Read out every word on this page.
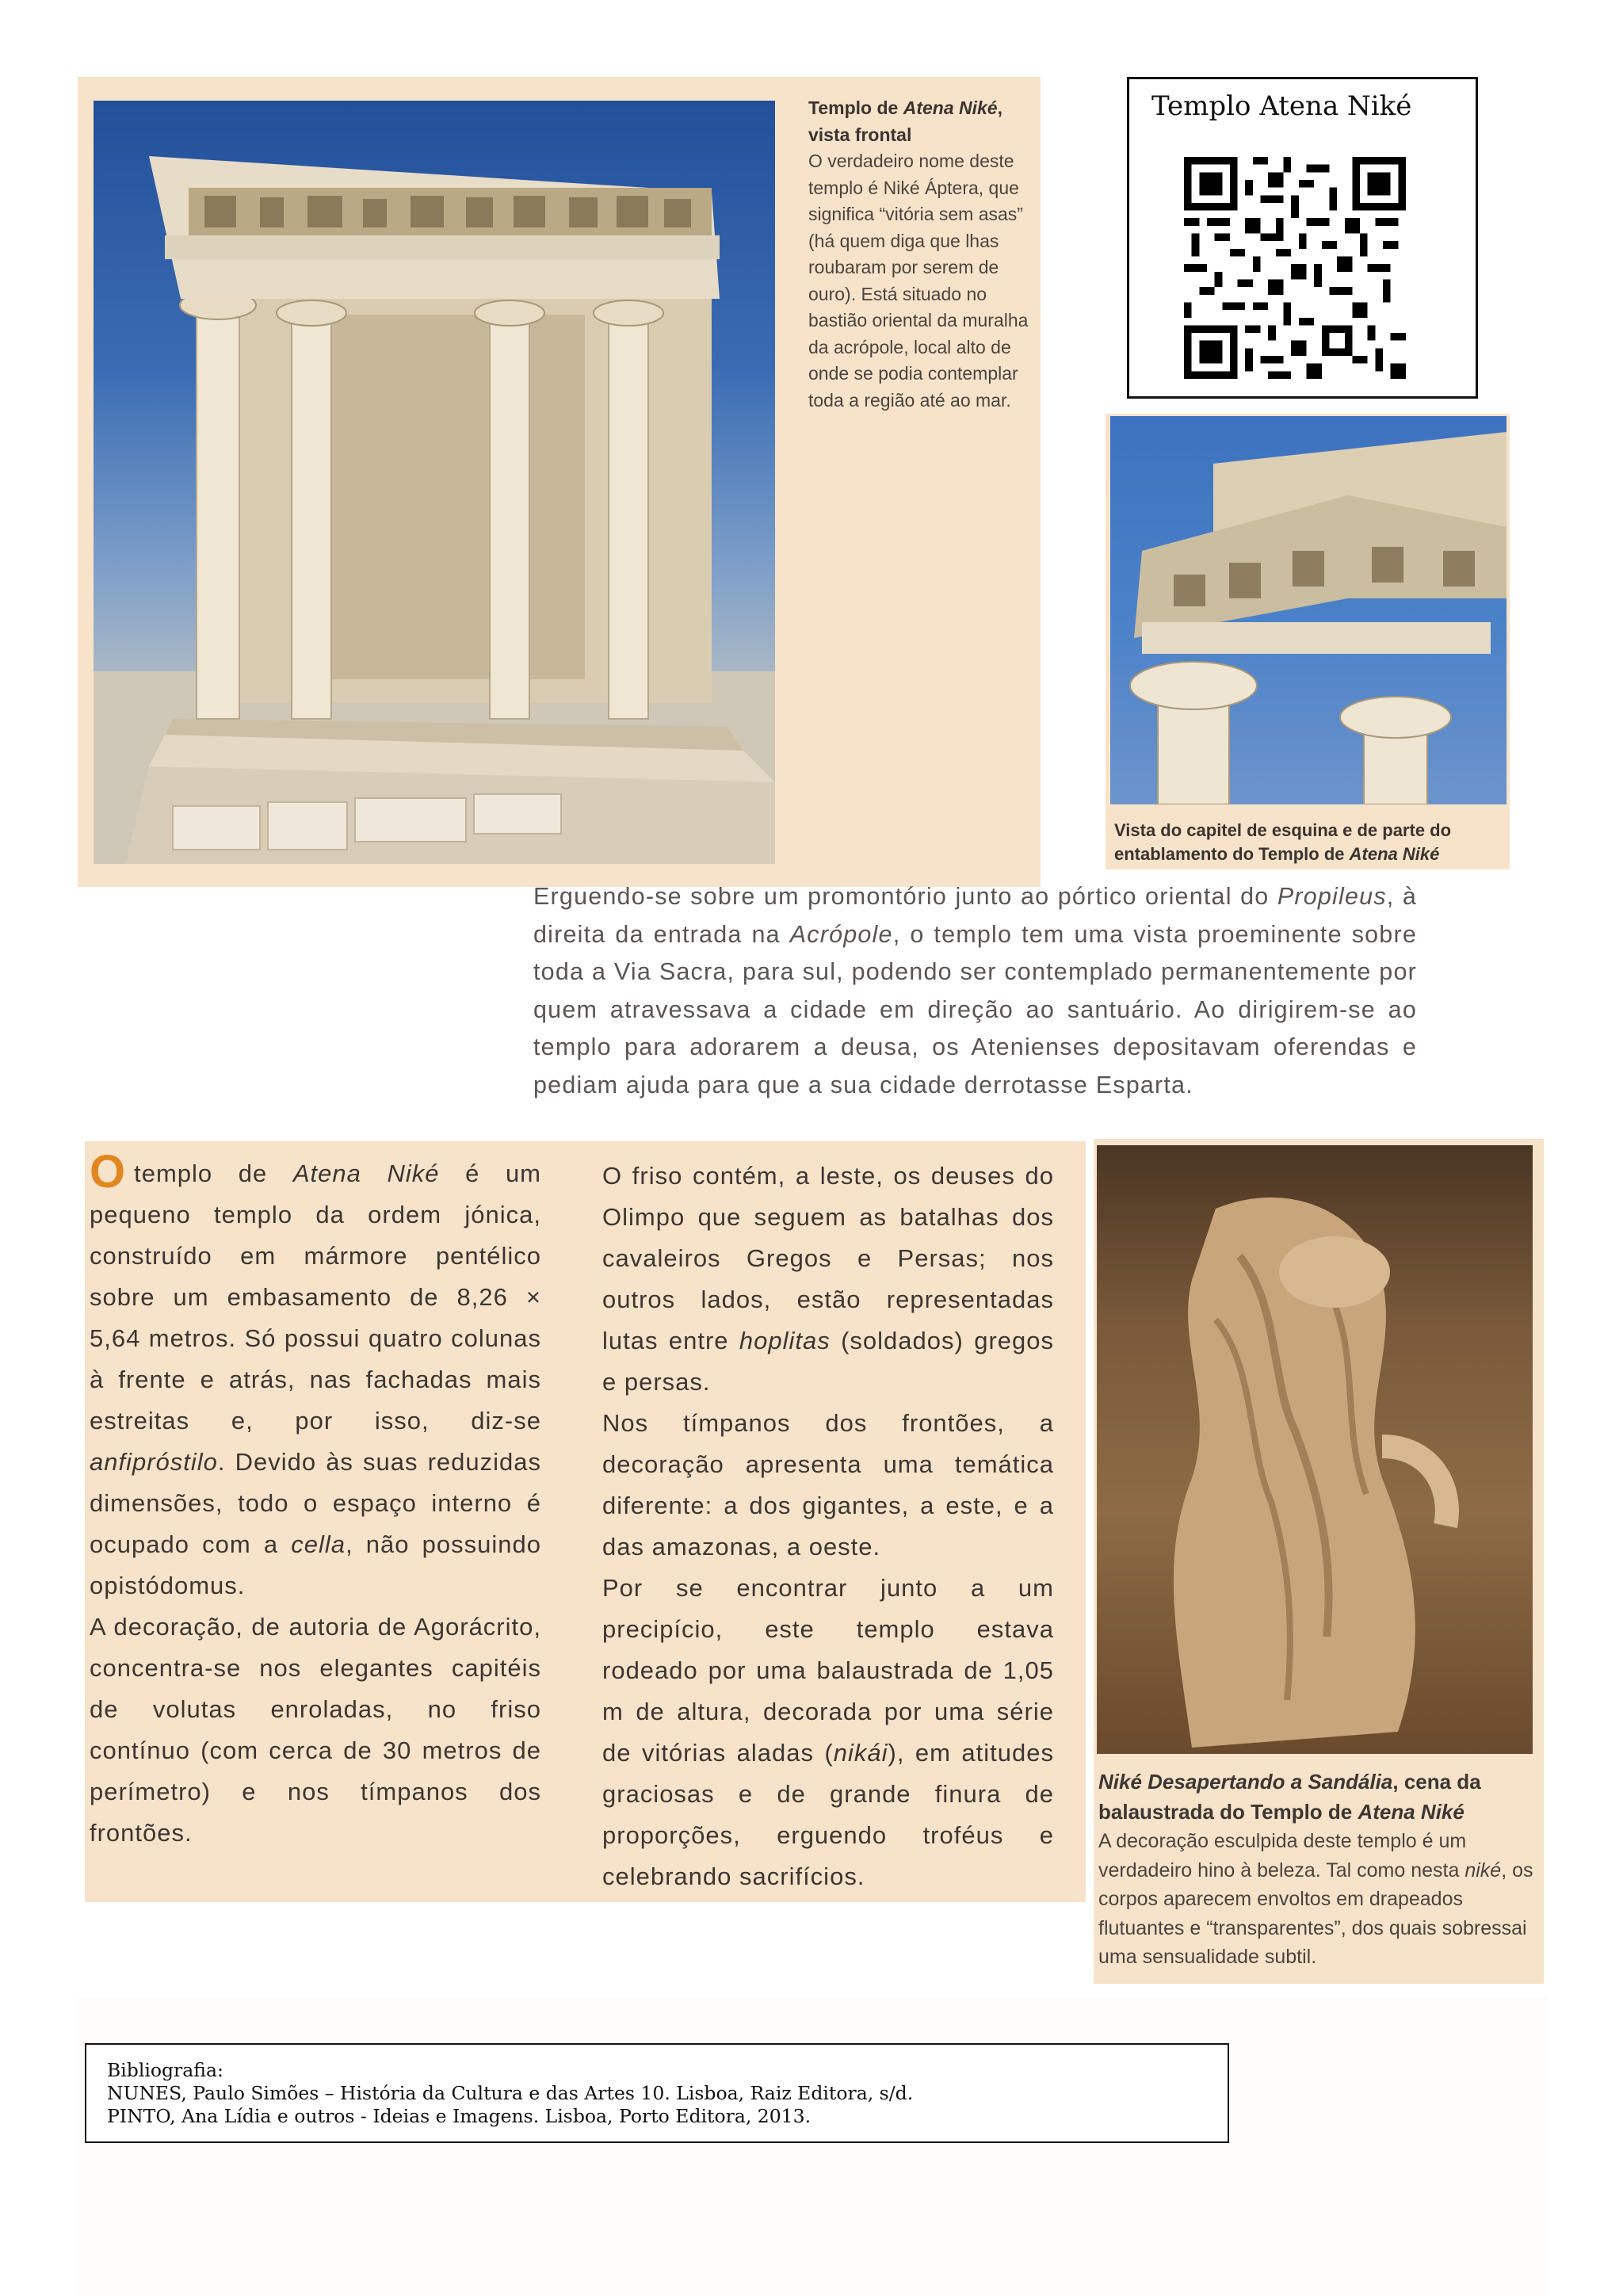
Templo de Atena Niké, vista frontal
O verdadeiro nome deste templo é Niké Áptera, que significa “vitória sem asas” (há quem diga que lhas roubaram por serem de ouro). Está situado no bastião oriental da muralha da acrópole, local alto de onde se podia contemplar toda a região até ao mar.
Templo Atena Niké
Vista do capitel de esquina e de parte do entablamento do Templo de Atena Niké
Erguendo-se sobre um promontório junto ao pórtico oriental do Propileus, à direita da entrada na Acrópole, o templo tem uma vista proeminente sobre toda a Via Sacra, para sul, podendo ser contemplado permanentemente por quem atravessava a cidade em direção ao santuário. Ao dirigirem-se ao templo para adorarem a deusa, os Atenienses depositavam oferendas e pediam ajuda para que a sua cidade derrotasse Esparta.

O templo de Atena Niké é um pequeno templo da ordem jónica, construído em mármore pentélico sobre um embasamento de 8,26 × 5,64 metros. Só possui quatro colunas à frente e atrás, nas fachadas mais estreitas e, por isso, diz-se anfipróstilo. Devido às suas reduzidas dimensões, todo o espaço interno é ocupado com a cella, não possuindo opistódomus.

A decoração, de autoria de Agorácrito, concentra-se nos elegantes capitéis de volutas enroladas, no friso contínuo (com cerca de 30 metros de perímetro) e nos tímpanos dos frontões.

O friso contém, a leste, os deuses do Olimpo que seguem as batalhas dos cavaleiros Gregos e Persas; nos outros lados, estão representadas lutas entre hoplitas (soldados) gregos e persas.

Nos tímpanos dos frontões, a decoração apresenta uma temática diferente: a dos gigantes, a este, e a das amazonas, a oeste.

Por se encontrar junto a um precipício, este templo estava rodeado por uma balaustrada de 1,05 m de altura, decorada por uma série de vitórias aladas (nikái), em atitudes graciosas e de grande finura de proporções, erguendo troféus e celebrando sacrifícios.

Niké Desapertando a Sandália, cena da balaustrada do Templo de Atena Niké
A decoração esculpida deste templo é um verdadeiro hino à beleza. Tal como nesta niké, os corpos aparecem envoltos em drapeados flutuantes e “transparentes”, dos quais sobressai uma sensualidade subtil.
Bibliografia:
NUNES, Paulo Simões – História da Cultura e das Artes 10. Lisboa, Raiz Editora, s/d.
PINTO, Ana Lídia e outros - Ideias e Imagens. Lisboa, Porto Editora, 2013.
